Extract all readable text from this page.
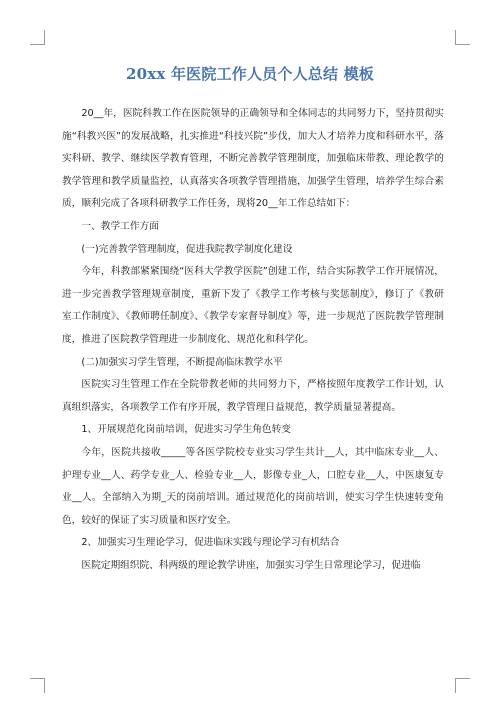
20xx 年医院工作人员个人总结 模板

20__年，医院科教工作在医院领导的正确领导和全体同志的共同努力下，坚持贯彻实施“科教兴医”的发展战略，扎实推进“科技兴院”步伐，加大人才培养力度和科研水平，落实科研、教学、继续医学教育管理，不断完善教学管理制度，加强临床带教、理论教学的教学管理和教学质量监控，认真落实各项教学管理措施，加强学生管理，培养学生综合素质，顺利完成了各项科研教学工作任务，现将20__年工作总结如下：

一、教学工作方面

(一)完善教学管理制度，促进我院教学制度化建设

今年，科教部紧紧围绕“医科大学教学医院”创建工作，结合实际教学工作开展情况，进一步完善教学管理规章制度，重新下发了《教学工作考核与奖惩制度》，修订了《教研室工作制度》、《教师聘任制度》、《教学专家督导制度》等，进一步规范了医院教学管理制度，推进了医院教学管理进一步制度化、规范化和科学化。

(二)加强实习学生管理，不断提高临床教学水平

医院实习生管理工作在全院带教老师的共同努力下，严格按照年度教学工作计划，认真组织落实，各项教学工作有序开展，教学管理日益规范，教学质量显著提高。

1、开展规范化岗前培训，促进实习学生角色转变

今年，医院共接收_____等各医学院校专业实习学生共计__人，其中临床专业__人、护理专业__人、药学专业_人、检验专业__人，影像专业_人，口腔专业__人，中医康复专业__人。全部纳入为期_天的岗前培训。通过规范化的岗前培训，使实习学生快速转变角色，较好的保证了实习质量和医疗安全。

2、加强实习生理论学习，促进临床实践与理论学习有机结合

医院定期组织院、科两级的理论教学讲座，加强实习学生日常理论学习，促进临
